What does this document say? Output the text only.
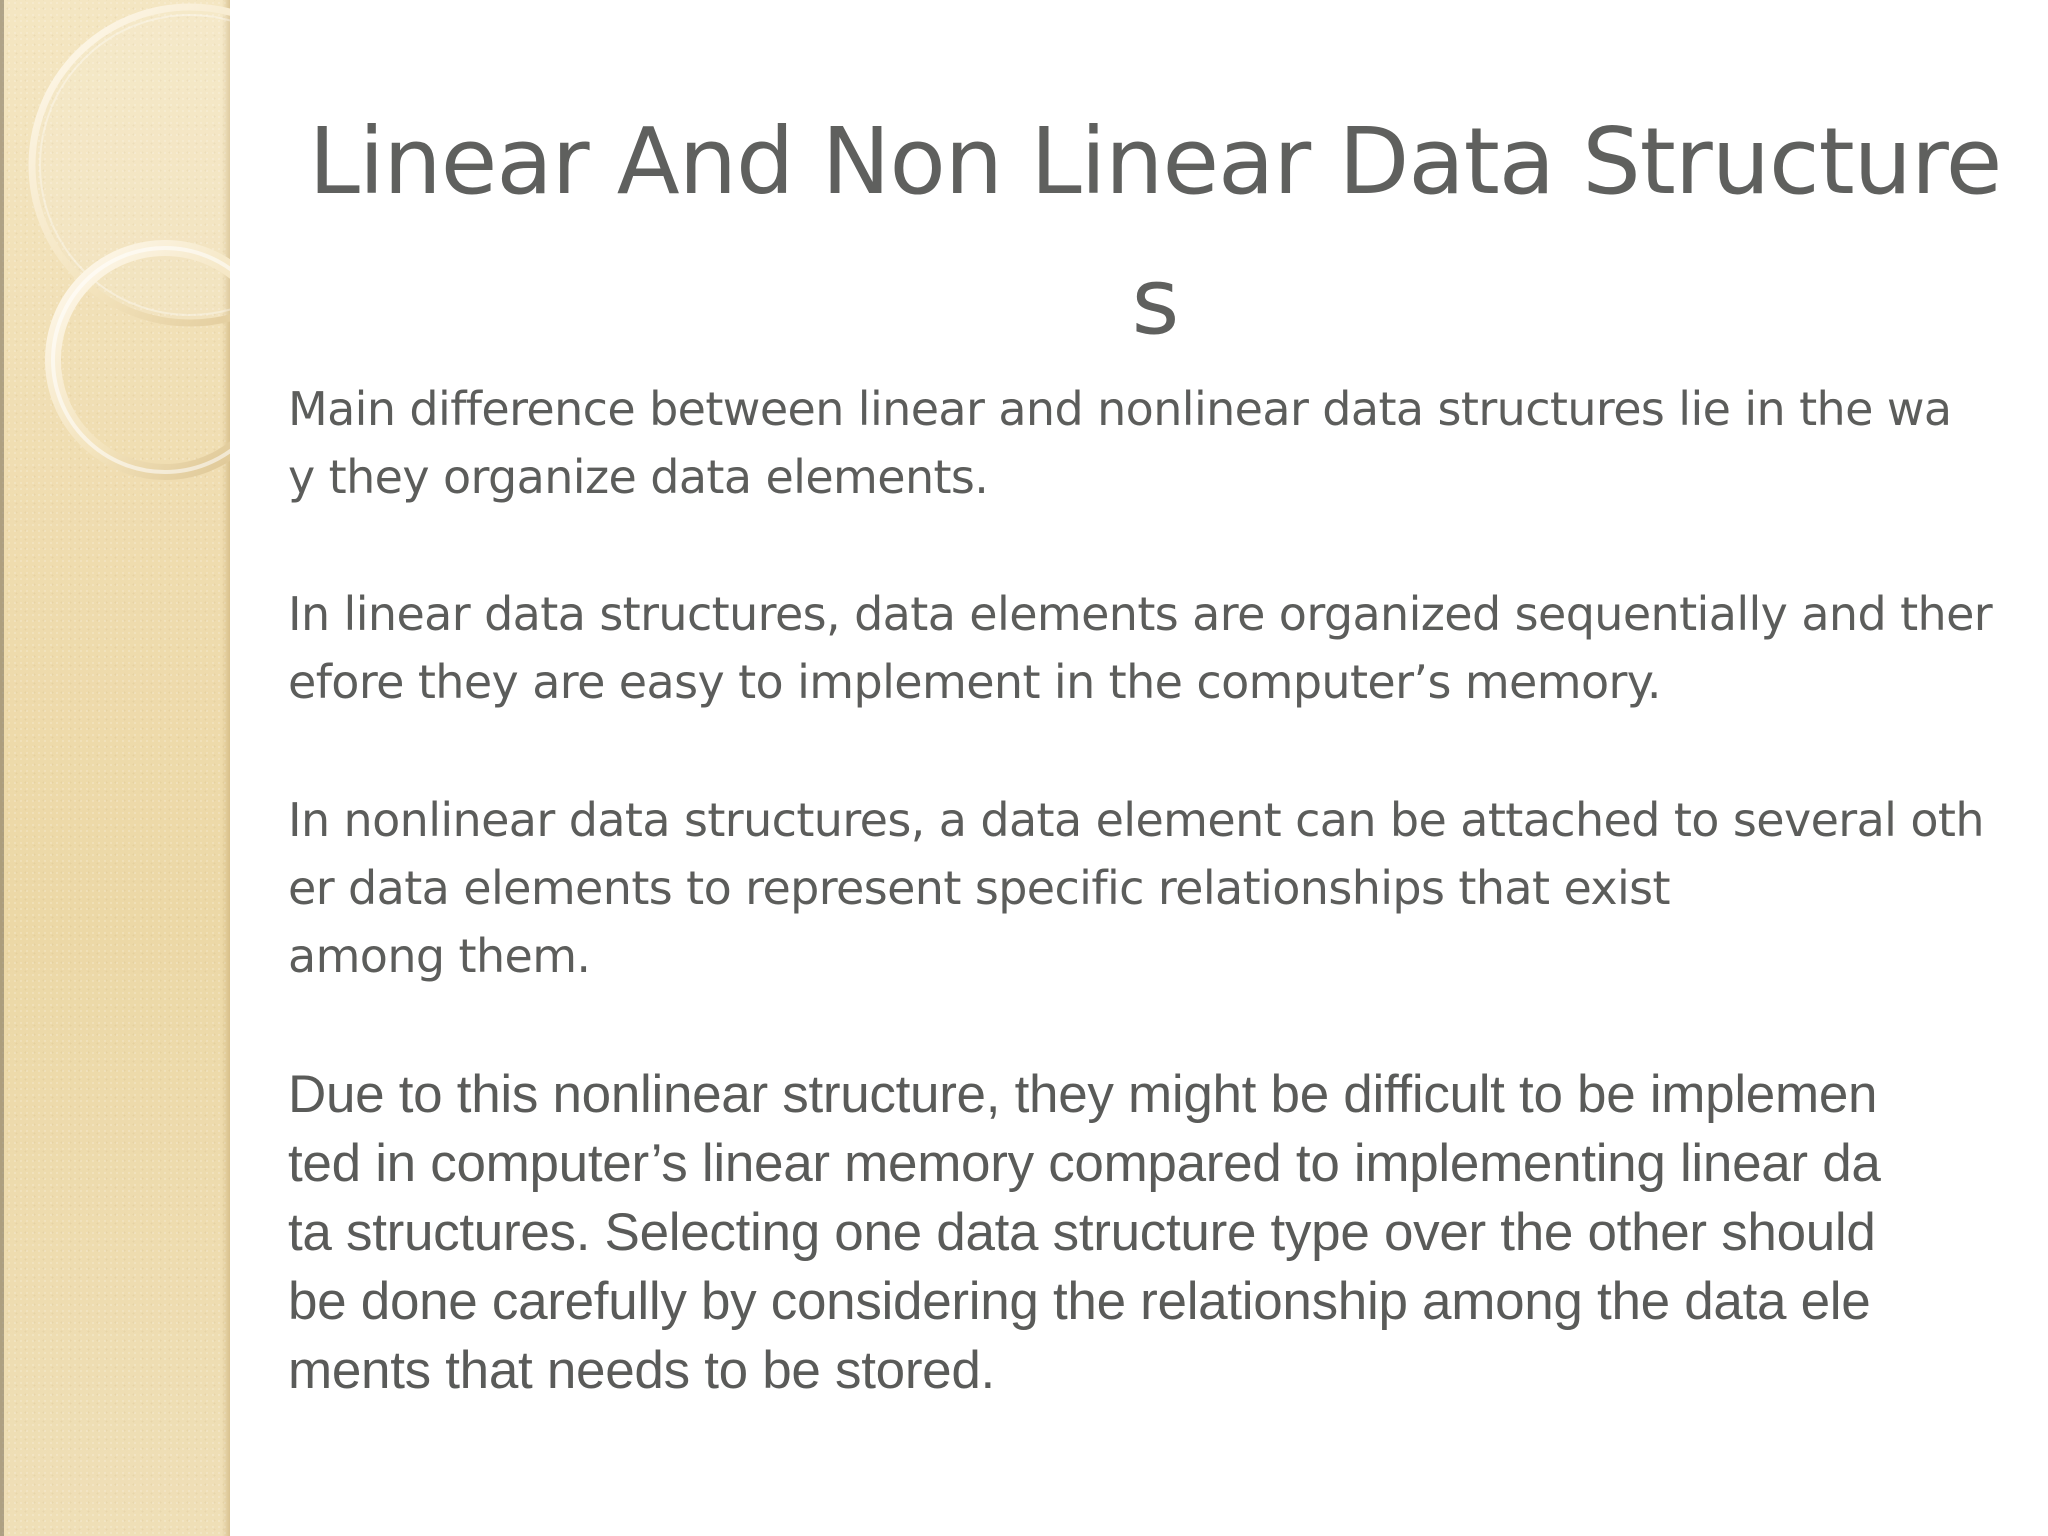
Linear And Non Linear Data Structure
s

Main difference between linear and nonlinear data structures lie in the wa
y they organize data elements.

In linear data structures, data elements are organized sequentially and ther
efore they are easy to implement in the computer’s memory.

In nonlinear data structures, a data element can be attached to several oth
er data elements to represent specific relationships that exist
among them.

Due to this nonlinear structure, they might be difficult to be implemen
ted in computer’s linear memory compared to implementing linear da
ta structures. Selecting one data structure type over the other should
be done carefully by considering the relationship among the data ele
ments that needs to be stored.
